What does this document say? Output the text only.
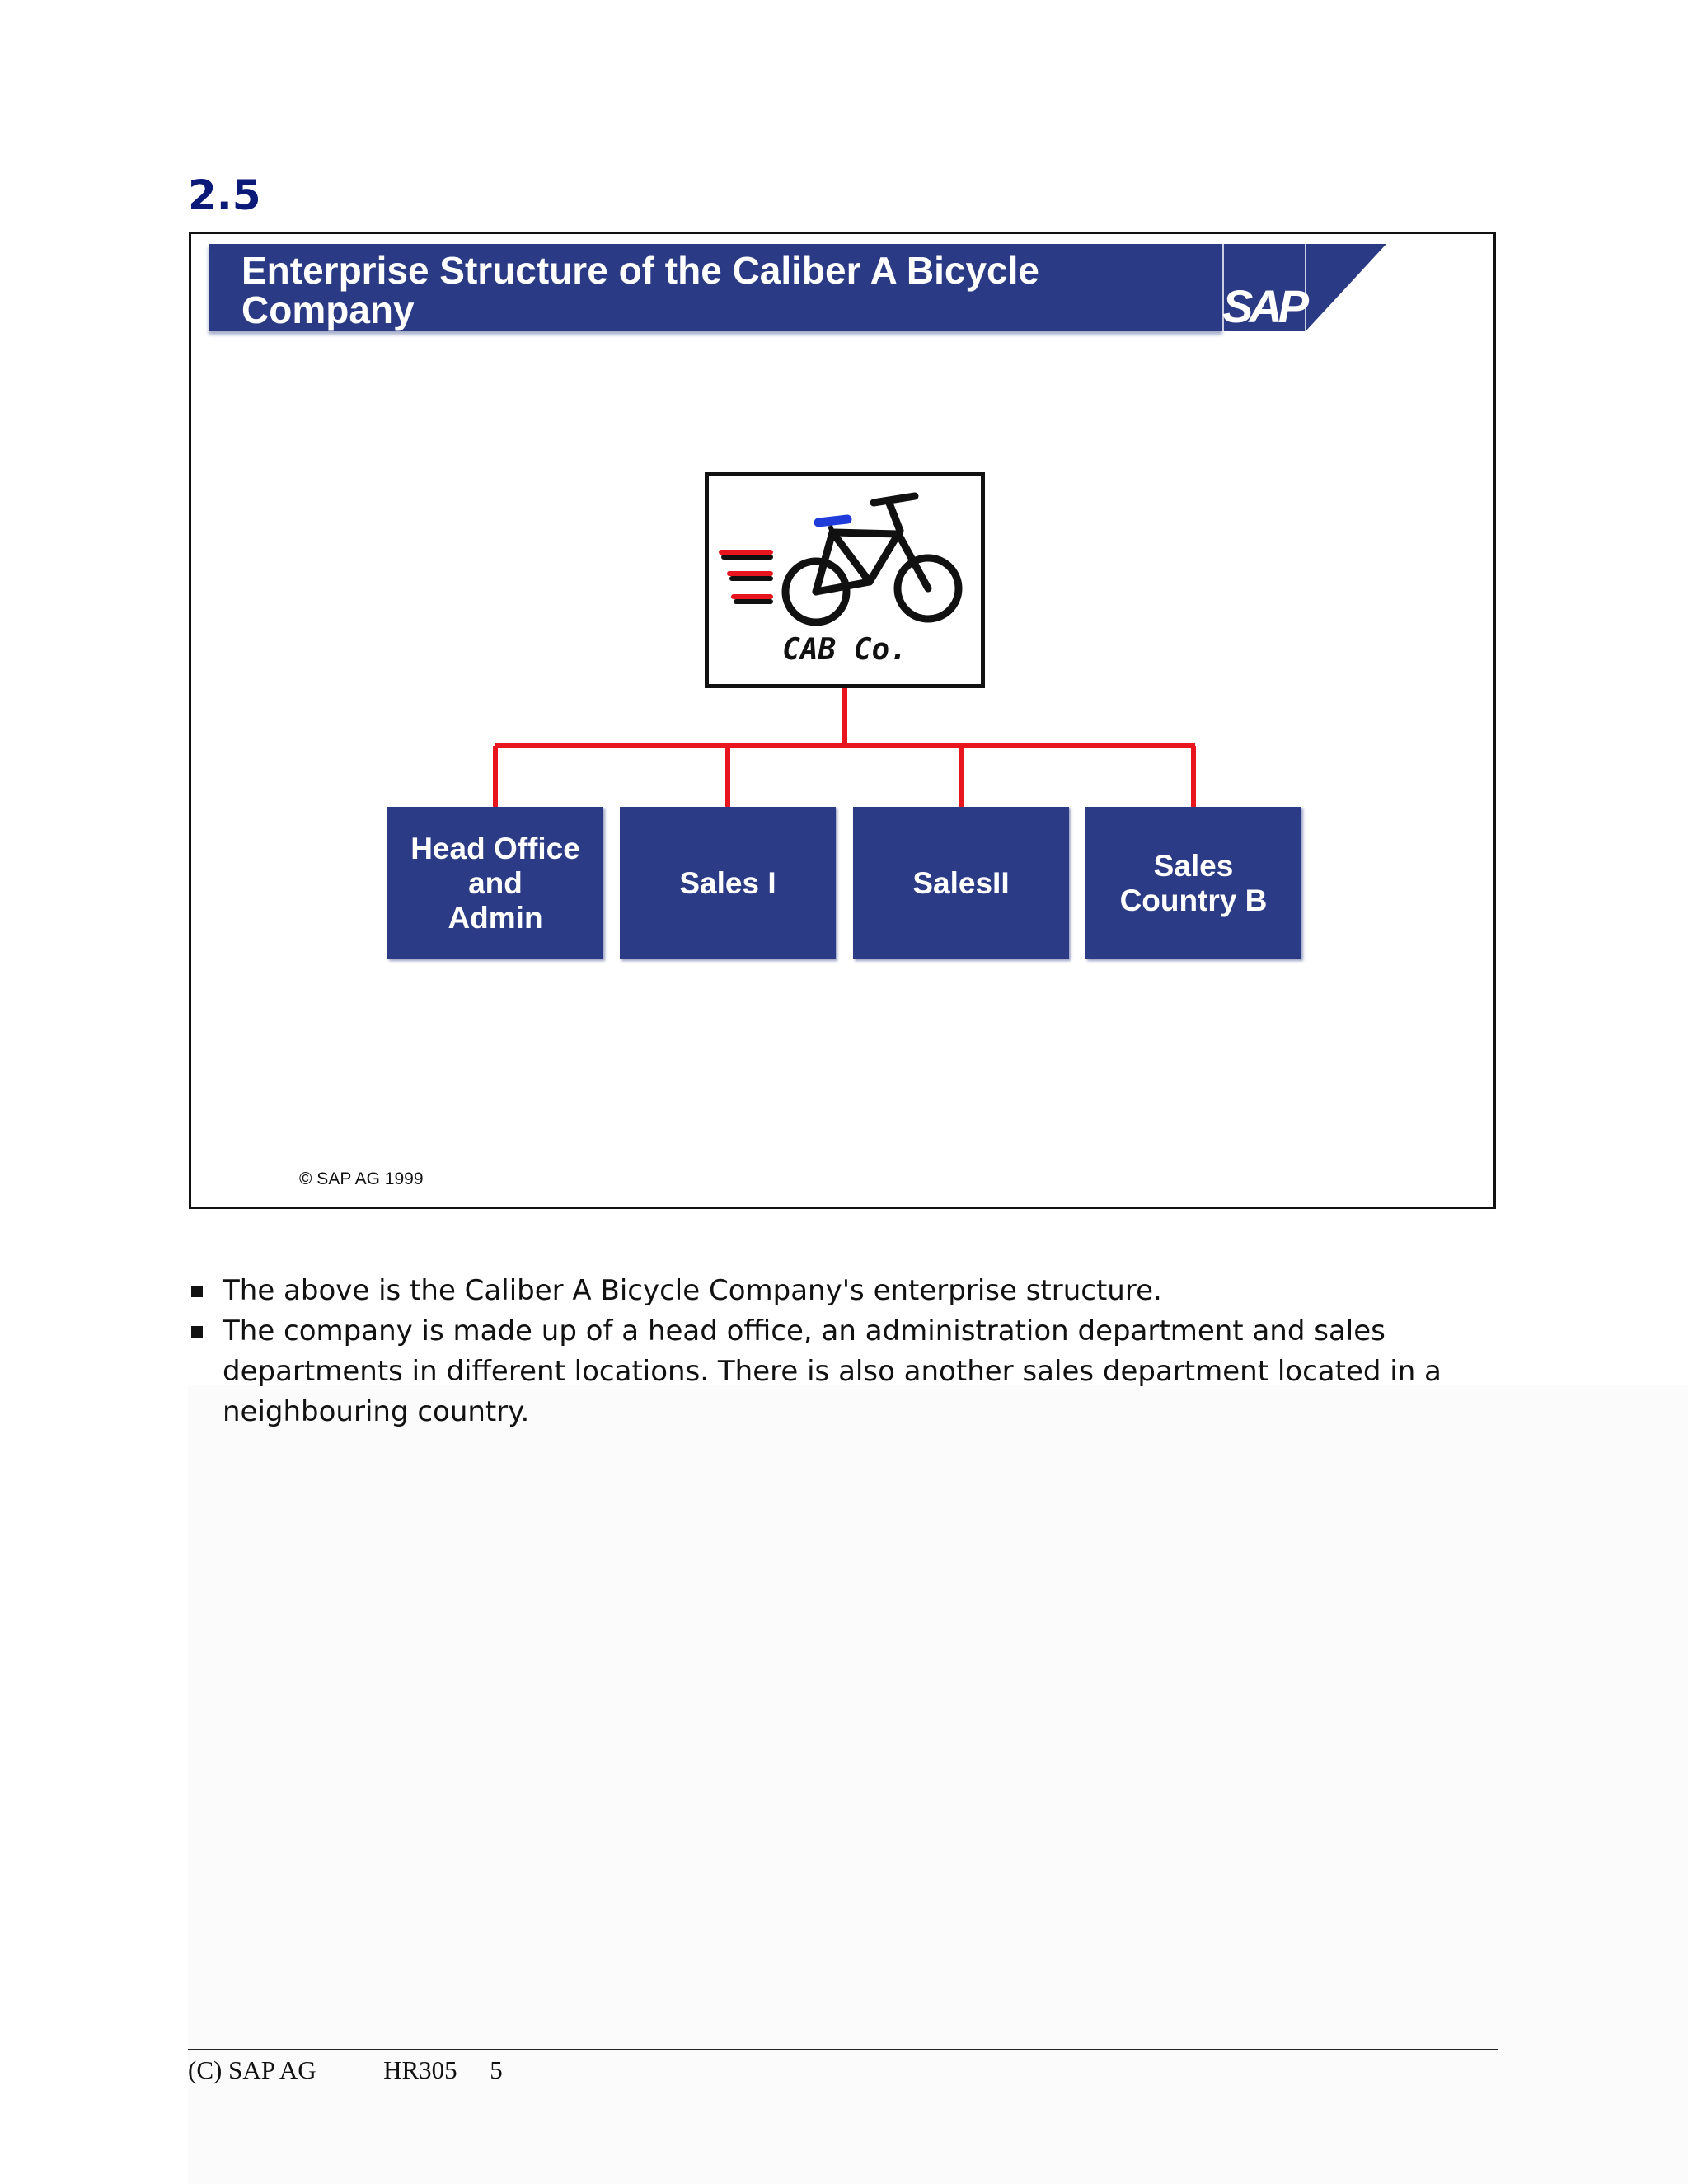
2.5
Enterprise Structure of the Caliber A Bicycle Company	SAP
CAB Co.
Head Office
and
Admin
Sales I	SalesII
Sales
Country B
© SAP AG 1999
The above is the Caliber A Bicycle Company's enterprise structure.
The company is made up of a head office, an administration department and sales departments in different locations. There is also another sales department located in a neighbouring country.
(C) SAP AG	HR305 5
